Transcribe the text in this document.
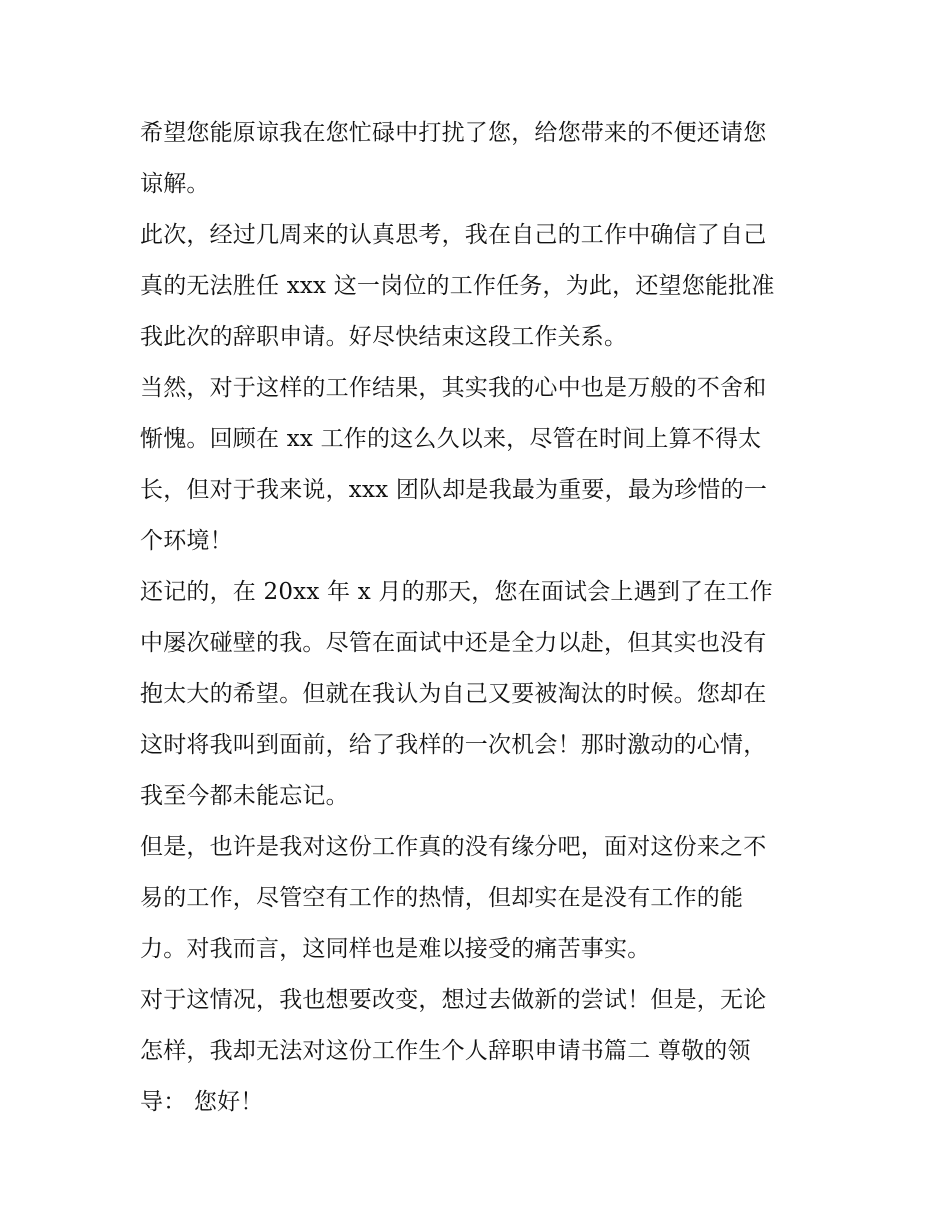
希望您能原谅我在您忙碌中打扰了您，给您带来的不便还请您
谅解。
此次，经过几周来的认真思考，我在自己的工作中确信了自己
真的无法胜任 xxx 这一岗位的工作任务，为此，还望您能批准
我此次的辞职申请。好尽快结束这段工作关系。
当然，对于这样的工作结果，其实我的心中也是万般的不舍和
惭愧。回顾在 xx 工作的这么久以来，尽管在时间上算不得太
长，但对于我来说，xxx 团队却是我最为重要，最为珍惜的一
个环境！
还记的，在 20xx 年 x 月的那天，您在面试会上遇到了在工作
中屡次碰壁的我。尽管在面试中还是全力以赴，但其实也没有
抱太大的希望。但就在我认为自己又要被淘汰的时候。您却在
这时将我叫到面前，给了我样的一次机会！那时激动的心情，
我至今都未能忘记。
但是，也许是我对这份工作真的没有缘分吧，面对这份来之不
易的工作，尽管空有工作的热情，但却实在是没有工作的能
力。对我而言，这同样也是难以接受的痛苦事实。
对于这情况，我也想要改变，想过去做新的尝试！但是，无论
怎样，我却无法对这份工作生个人辞职申请书篇二 尊敬的领
导： 您好！
